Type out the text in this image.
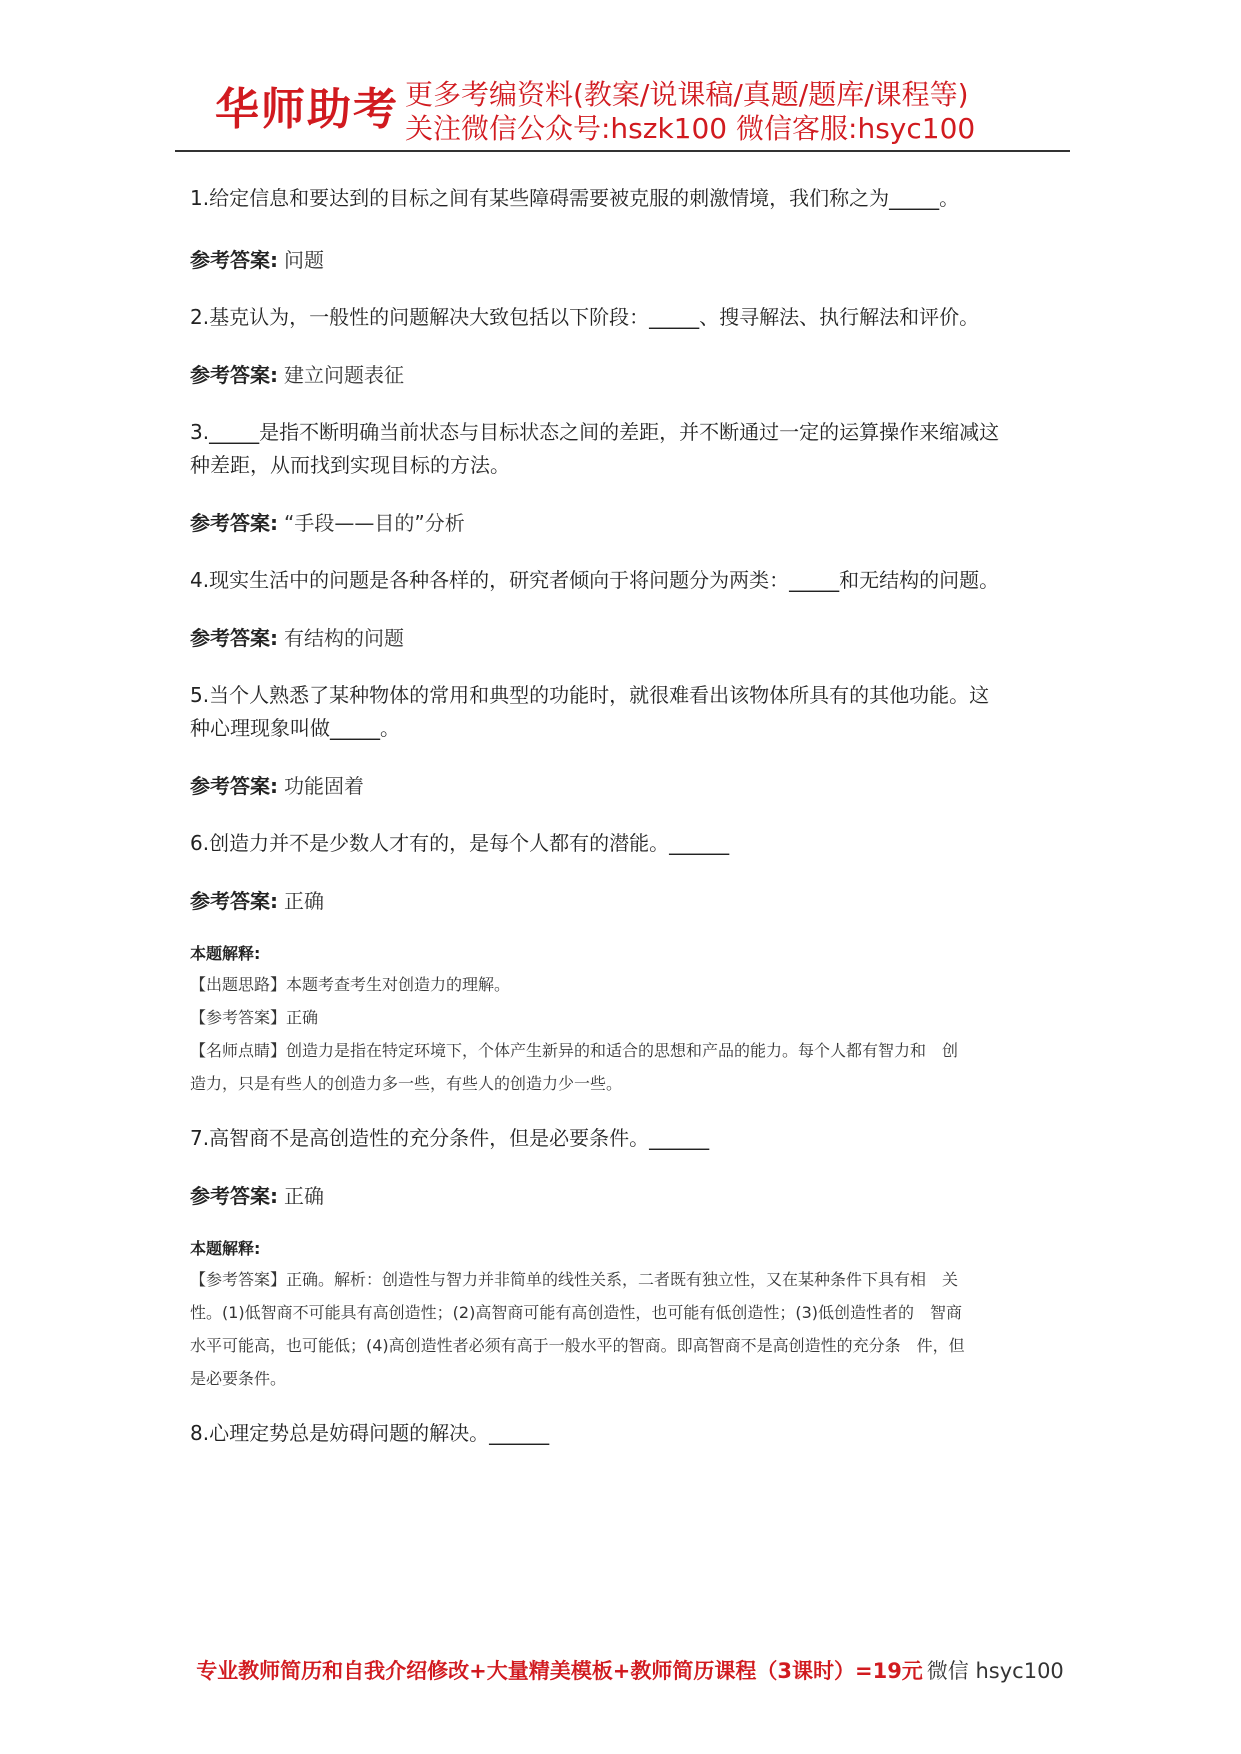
华师助考 更多考编资料(教案/说课稿/真题/题库/课程等)
关注微信公众号:hszk100 微信客服:hsyc100

1.给定信息和要达到的目标之间有某些障碍需要被克服的刺激情境，我们称之为_____。

参考答案: 问题

2.基克认为，一般性的问题解决大致包括以下阶段：_____、搜寻解法、执行解法和评价。

参考答案: 建立问题表征

3._____是指不断明确当前状态与目标状态之间的差距，并不断通过一定的运算操作来缩减这

种差距，从而找到实现目标的方法。

参考答案: “手段——目的”分析

4.现实生活中的问题是各种各样的，研究者倾向于将问题分为两类：_____和无结构的问题。

参考答案: 有结构的问题

5.当个人熟悉了某种物体的常用和典型的功能时，就很难看出该物体所具有的其他功能。这

种心理现象叫做_____。

参考答案: 功能固着

6.创造力并不是少数人才有的，是每个人都有的潜能。______

参考答案: 正确

本题解释:

【出题思路】本题考查考生对创造力的理解。

【参考答案】正确

【名师点睛】创造力是指在特定环境下，个体产生新异的和适合的思想和产品的能力。每个人都有智力和　创

造力，只是有些人的创造力多一些，有些人的创造力少一些。

7.高智商不是高创造性的充分条件，但是必要条件。______

参考答案: 正确

本题解释:

【参考答案】正确。解析：创造性与智力并非简单的线性关系，二者既有独立性，又在某种条件下具有相　关

性。(1)低智商不可能具有高创造性；(2)高智商可能有高创造性，也可能有低创造性；(3)低创造性者的　智商

水平可能高，也可能低；(4)高创造性者必须有高于一般水平的智商。即高智商不是高创造性的充分条　件，但

是必要条件。

8.心理定势总是妨碍问题的解决。______

专业教师简历和自我介绍修改+大量精美模板+教师简历课程（3课时）=19元 微信 hsyc100
